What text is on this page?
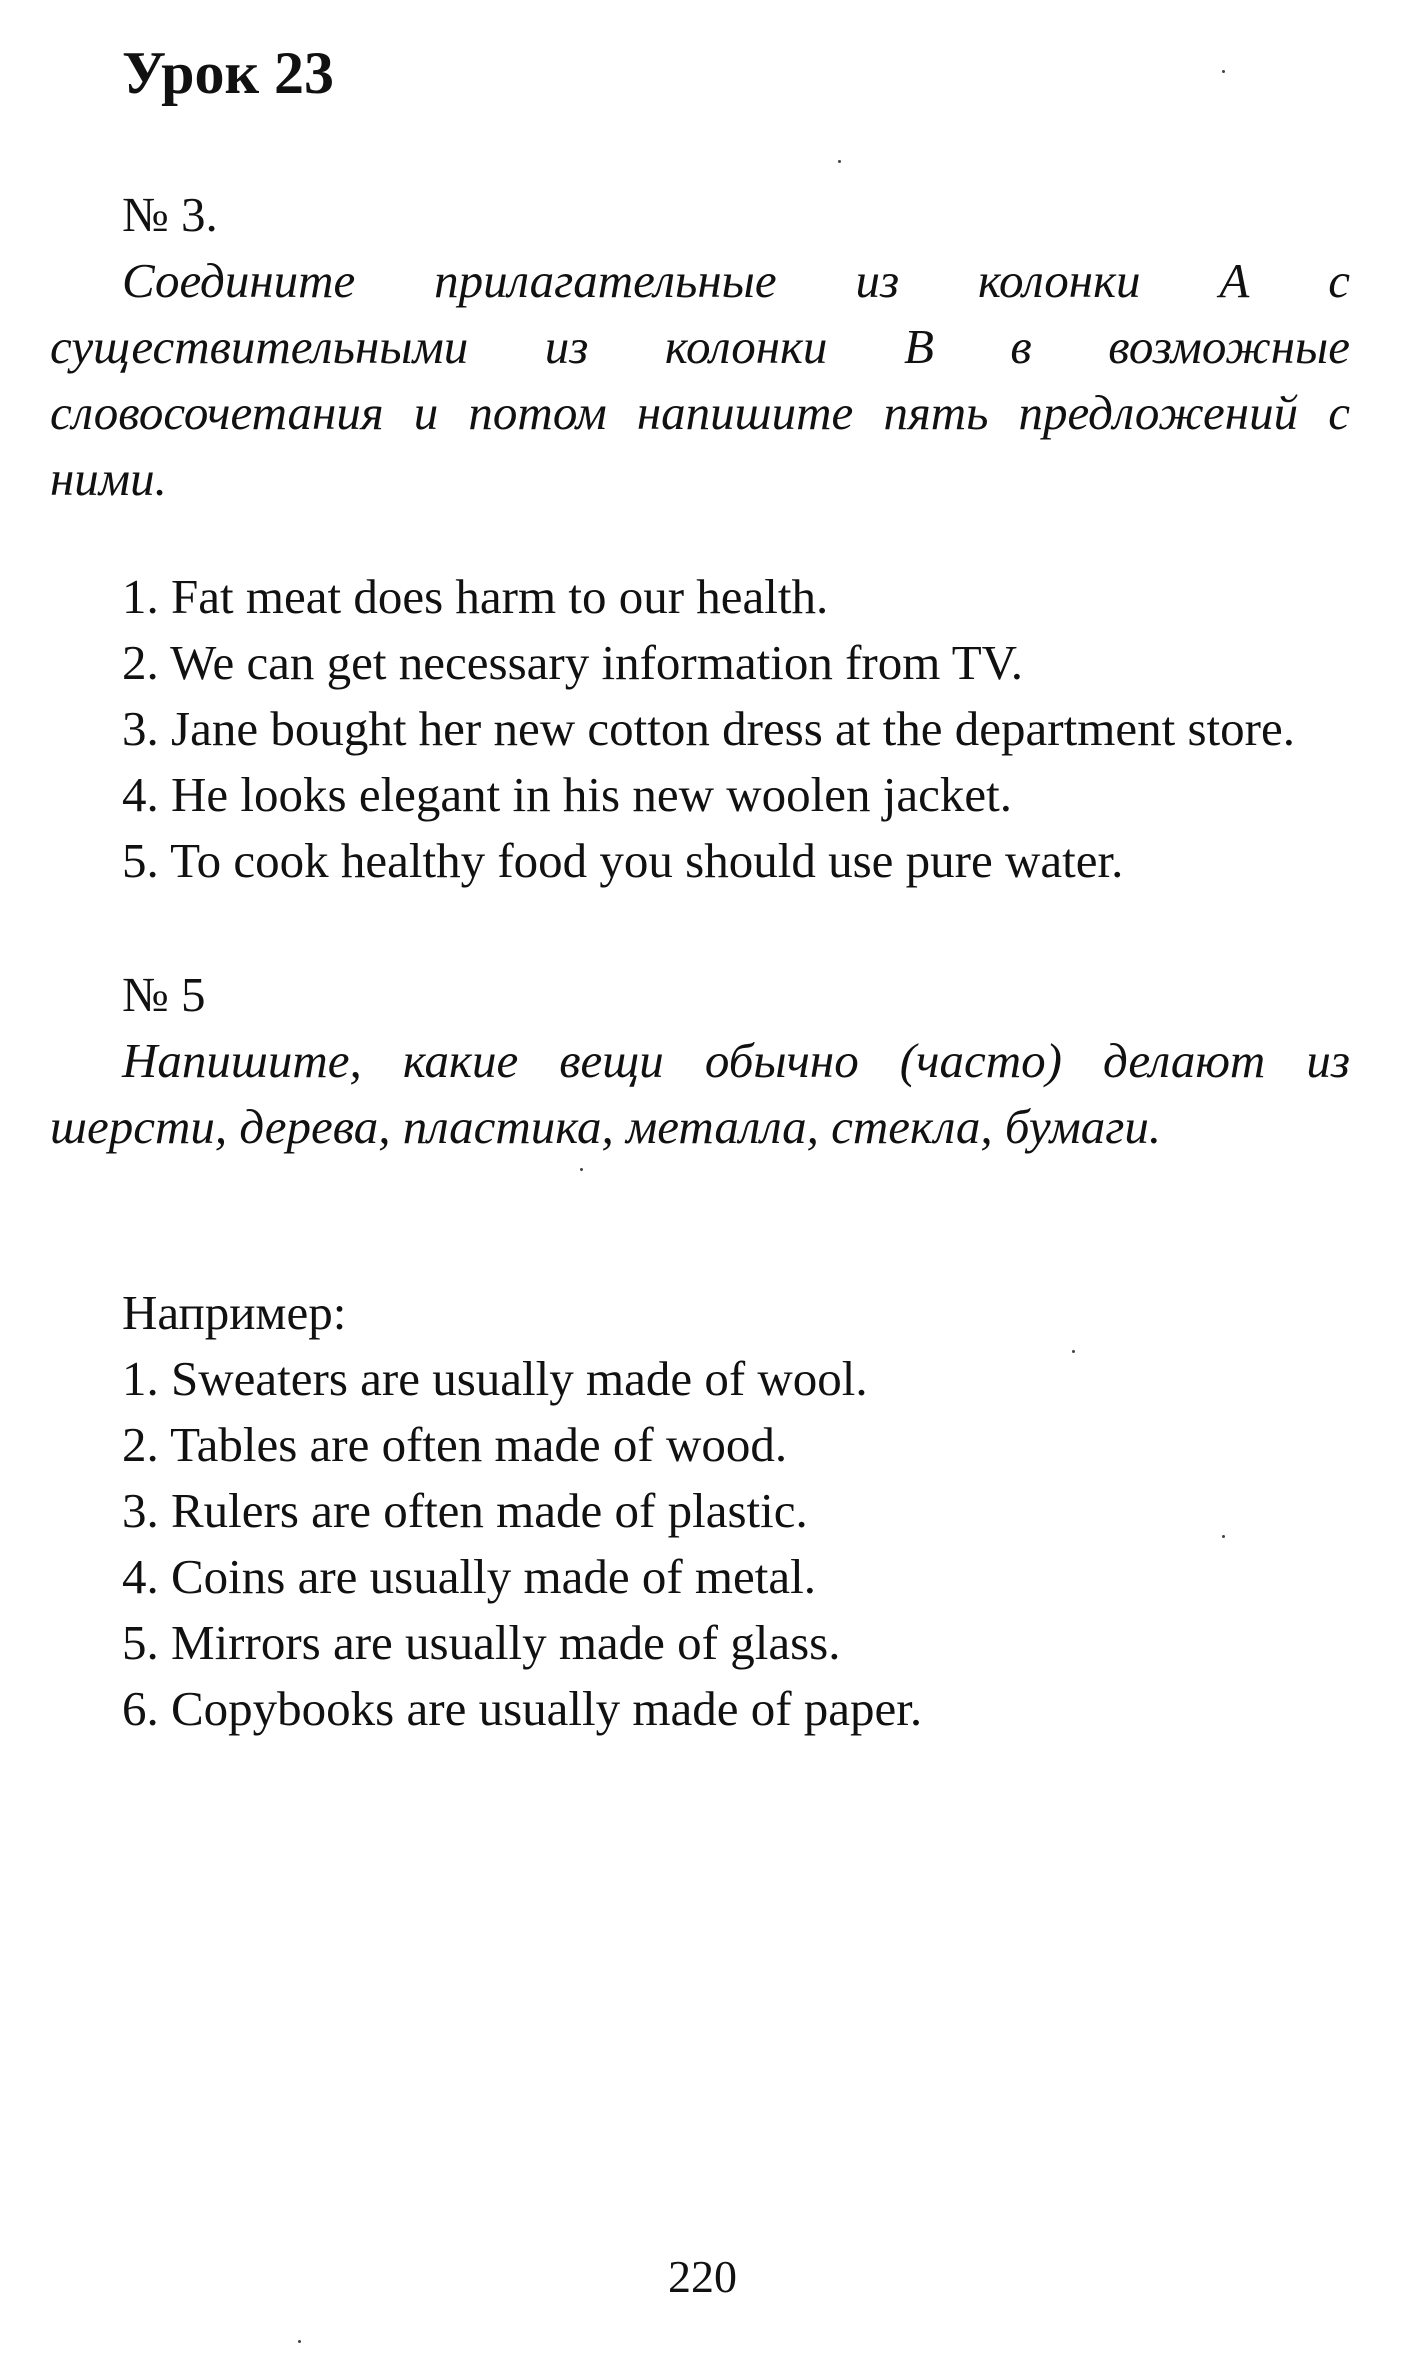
Урок 23

№ 3.

Соедините прилагательные из колонки А с существительными из колонки В в возможные словосочетания и потом напишите пять предложений с ними.

1. Fat meat does harm to our health.
2. We can get necessary information from TV.
3. Jane bought her new cotton dress at the department store.
4. He looks elegant in his new woolen jacket.
5. To cook healthy food you should use pure water.

№ 5

Напишите, какие вещи обычно (часто) делают из шерсти, дерева, пластика, металла, стекла, бумаги.

Например:

1. Sweaters are usually made of wool.
2. Tables are often made of wood.
3. Rulers are often made of plastic.
4. Coins are usually made of metal.
5. Mirrors are usually made of glass.
6. Copybooks are usually made of paper.

220
